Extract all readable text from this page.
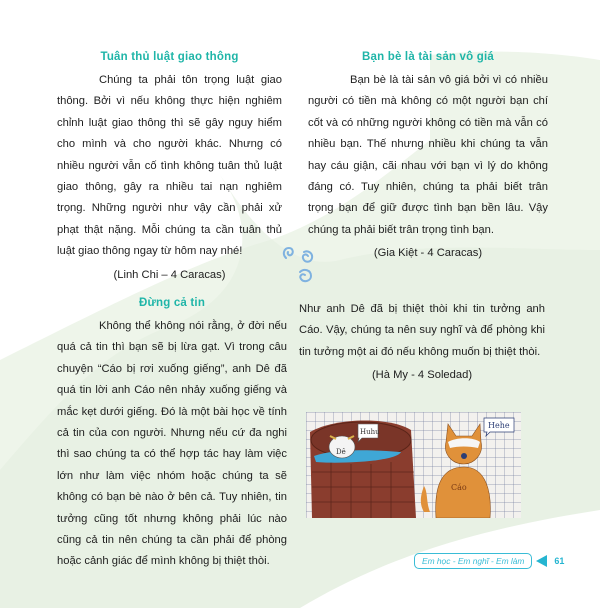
Tuân thủ luật giao thông

Chúng ta phải tôn trọng luật giao thông. Bởi vì nếu không thực hiện nghiêm chỉnh luật giao thông thì sẽ gây nguy hiểm cho mình và cho người khác. Nhưng có nhiều người vẫn cố tình không tuân thủ luật giao thông, gây ra nhiều tai nạn nghiêm trọng. Những người như vậy cần phải xử phạt thật nặng. Mỗi chúng ta cần tuân thủ luật giao thông ngay từ hôm nay nhé!

(Linh Chi – 4 Caracas)
Bạn bè là tài sản vô giá

Bạn bè là tài sản vô giá bởi vì có nhiều người có tiền mà không có một người bạn chí cốt và có những người không có tiền mà vẫn có nhiều bạn. Thế nhưng nhiều khi chúng ta vẫn hay cáu giận, cãi nhau với bạn vì lý do không đáng có. Tuy nhiên, chúng ta phải biết trân trọng bạn để giữ được tình bạn bền lâu. Vậy chúng ta phải biết trân trọng tình bạn.

(Gia Kiệt - 4 Caracas)
Đừng cả tin

Không thể không nói rằng, ở đời nếu quá cả tin thì bạn sẽ bị lừa gạt. Vì trong câu chuyện “Cáo bị rơi xuống giếng”, anh Dê đã quá tin lời anh Cáo nên nhảy xuống giếng và mắc kẹt dưới giếng. Đó là một bài học về tính cả tin của con người. Nhưng nếu cứ đa nghi thì sao chúng ta có thể hợp tác hay làm việc lớn như làm việc nhóm hoặc chúng ta sẽ không có bạn bè nào ở bên cả. Tuy nhiên, tin tưởng cũng tốt nhưng không phải lúc nào cũng cả tin nên chúng ta cần phải để phòng hoặc cảnh giác để mình không bị thiệt thòi.

Như anh Dê đã bị thiệt thòi khi tin tưởng anh Cáo. Vậy, chúng ta nên suy nghĩ và để phòng khi tin tưởng một ai đó nếu không muốn bị thiệt thòi.

(Hà My - 4 Soledad)
Dê
Huhu
Cáo
Hehe
Em học - Em nghĩ - Em làm	61
